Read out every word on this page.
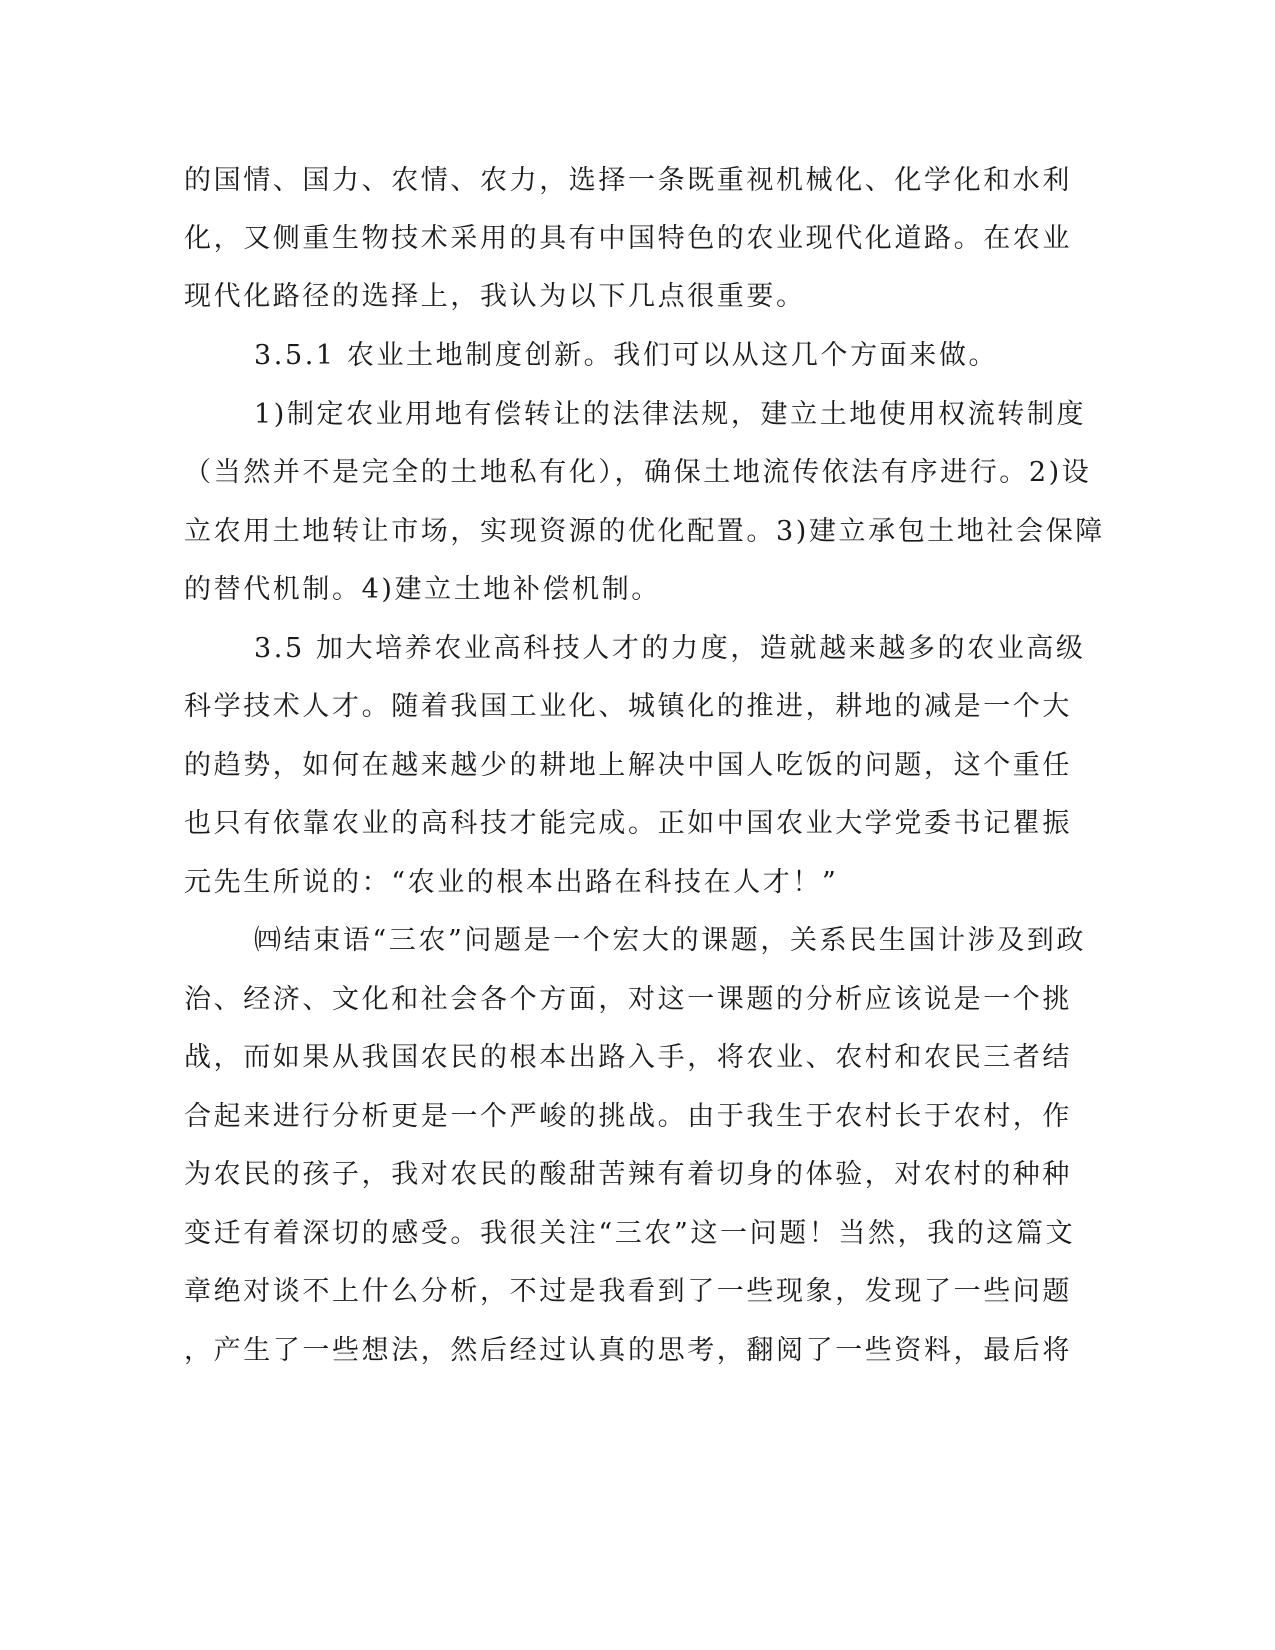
的国情、国力、农情、农力，选择一条既重视机械化、化学化和水利
化，又侧重生物技术采用的具有中国特色的农业现代化道路。在农业
现代化路径的选择上，我认为以下几点很重要。
3.5.1 农业土地制度创新。我们可以从这几个方面来做。
1)制定农业用地有偿转让的法律法规，建立土地使用权流转制度
（当然并不是完全的土地私有化），确保土地流传依法有序进行。2)设
立农用土地转让市场，实现资源的优化配置。3)建立承包土地社会保障
的替代机制。4)建立土地补偿机制。
3.5 加大培养农业高科技人才的力度，造就越来越多的农业高级
科学技术人才。随着我国工业化、城镇化的推进，耕地的减是一个大
的趋势，如何在越来越少的耕地上解决中国人吃饭的问题，这个重任
也只有依靠农业的高科技才能完成。正如中国农业大学党委书记瞿振
元先生所说的：“农业的根本出路在科技在人才！”
㈣结束语“三农”问题是一个宏大的课题，关系民生国计涉及到政
治、经济、文化和社会各个方面，对这一课题的分析应该说是一个挑
战，而如果从我国农民的根本出路入手，将农业、农村和农民三者结
合起来进行分析更是一个严峻的挑战。由于我生于农村长于农村，作
为农民的孩子，我对农民的酸甜苦辣有着切身的体验，对农村的种种
变迁有着深切的感受。我很关注“三农”这一问题！当然，我的这篇文
章绝对谈不上什么分析，不过是我看到了一些现象，发现了一些问题
，产生了一些想法，然后经过认真的思考，翻阅了一些资料，最后将
